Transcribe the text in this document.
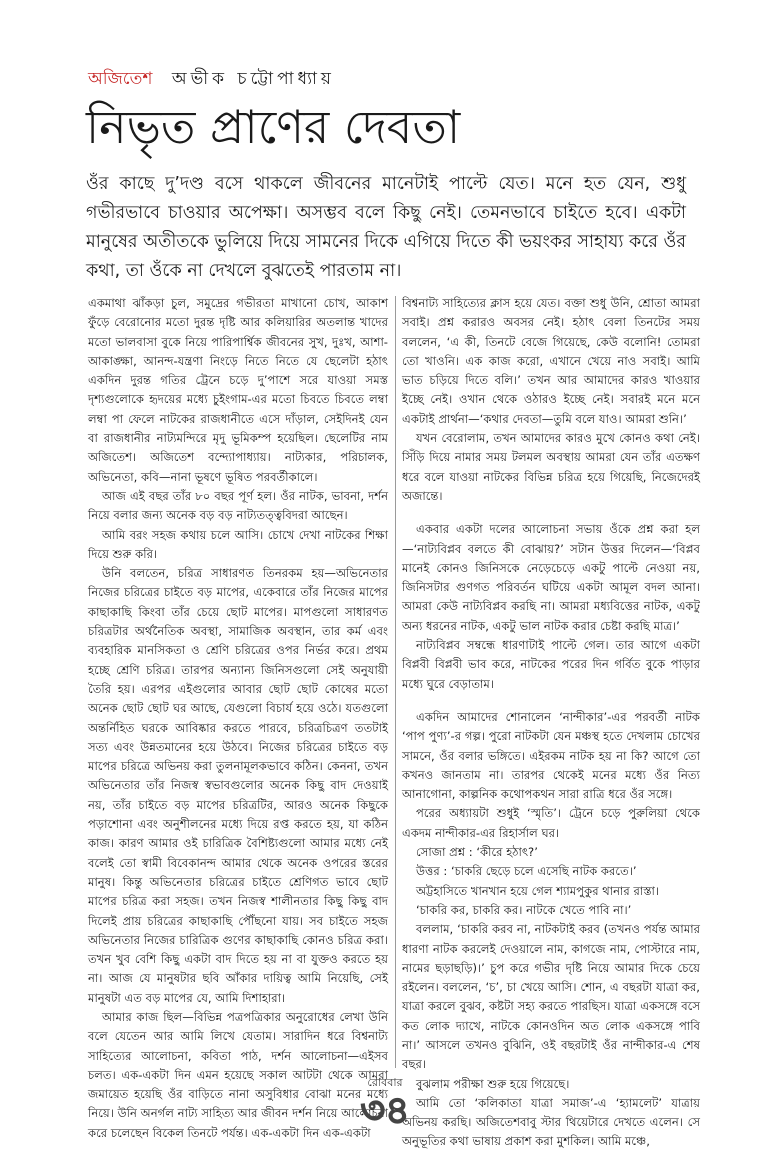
অজিতেশ অভীক চট্টোপাধ্যায়
নিভৃত প্রাণের দেবতা

ওঁর কাছে দু’দণ্ড বসে থাকলে জীবনের মানেটাই পাল্টে যেত। মনে হত যেন, শুধু গভীরভাবে চাওয়ার অপেক্ষা। অসম্ভব বলে কিছু নেই। তেমনভাবে চাইতে হবে। একটা মানুষের অতীতকে ভুলিয়ে দিয়ে সামনের দিকে এগিয়ে দিতে কী ভয়ংকর সাহায্য করে ওঁর কথা, তা ওঁকে না দেখলে বুঝতেই পারতাম না।

একমাথা ঝাঁকড়া চুল, সমুদ্রের গভীরতা মাখানো চোখ, আকাশ ফুঁড়ে বেরোনোর মতো দুরন্ত দৃষ্টি আর কলিয়ারির অতলান্ত খাদের মতো ভালবাসা বুকে নিয়ে পারিপার্শ্বিক জীবনের সুখ, দুঃখ, আশা-আকাঙ্ক্ষা, আনন্দ-যন্ত্রণা নিংড়ে নিতে নিতে যে ছেলেটা হঠাৎ একদিন দুরন্ত গতির ট্রেনে চড়ে দু’পাশে সরে যাওয়া সমস্ত দৃশ্যগুলোকে হৃদয়ের মধ্যে চুইংগাম-এর মতো চিবতে চিবতে লম্বা লম্বা পা ফেলে নাটকের রাজধানীতে এসে দাঁড়াল, সেইদিনই যেন বা রাজধানীর নাট্যমন্দিরে মৃদু ভূমিকম্প হয়েছিল। ছেলেটির নাম অজিতেশ। অজিতেশ বন্দ্যোপাধ্যায়। নাট্যকার, পরিচালক, অভিনেতা, কবি—নানা ভূষণে ভূষিত পরবর্তীকালে।

আজ এই বছর তাঁর ৮০ বছর পূর্ণ হল। ওঁর নাটক, ভাবনা, দর্শন নিয়ে বলার জন্য অনেক বড় বড় নাট্যতত্ত্ববিদরা আছেন।

আমি বরং সহজ কথায় চলে আসি। চোখে দেখা নাটকের শিক্ষা দিয়ে শুরু করি।

উনি বলতেন, চরিত্র সাধারণত তিনরকম হয়—অভিনেতার নিজের চরিত্রের চাইতে বড় মাপের, একেবারে তাঁর নিজের মাপের কাছাকাছি কিংবা তাঁর চেয়ে ছোট মাপের। মাপগুলো সাধারণত চরিত্রটার অর্থনৈতিক অবস্থা, সামাজিক অবস্থান, তার কর্ম এবং ব্যবহারিক মানসিকতা ও শ্রেণি চরিত্রের ওপর নির্ভর করে। প্রথম হচ্ছে শ্রেণি চরিত্র। তারপর অন্যান্য জিনিসগুলো সেই অনুযায়ী তৈরি হয়। এরপর এইগুলোর আবার ছোট ছোট কোষের মতো অনেক ছোট ছোট ঘর আছে, যেগুলো বিচার্য হয়ে ওঠে। যতগুলো অন্তর্নিহিত ঘরকে আবিষ্কার করতে পারবে, চরিত্রচিত্রণ ততটাই সত্য এবং উন্নতমানের হয়ে উঠবে। নিজের চরিত্রের চাইতে বড় মাপের চরিত্রে অভিনয় করা তুলনামূলকভাবে কঠিন। কেননা, তখন অভিনেতার তাঁর নিজস্ব স্বভাবগুলোর অনেক কিছু বাদ দেওয়াই নয়, তাঁর চাইতে বড় মাপের চরিত্রটির, আরও অনেক কিছুকে পড়াশোনা এবং অনুশীলনের মধ্যে দিয়ে রপ্ত করতে হয়, যা কঠিন কাজ। কারণ আমার ওই চারিত্রিক বৈশিষ্ট্যগুলো আমার মধ্যে নেই বলেই তো স্বামী বিবেকানন্দ আমার থেকে অনেক ওপরের স্তরের মানুষ। কিন্তু অভিনেতার চরিত্রের চাইতে শ্রেণিগত ভাবে ছোট মাপের চরিত্র করা সহজ। তখন নিজস্ব শালীনতার কিছু কিছু বাদ দিলেই প্রায় চরিত্রের কাছাকাছি পৌঁছনো যায়। সব চাইতে সহজ অভিনেতার নিজের চারিত্রিক গুণের কাছাকাছি কোনও চরিত্র করা। তখন খুব বেশি কিছু একটা বাদ দিতে হয় না বা যুক্তও করতে হয় না। আজ যে মানুষটার ছবি আঁকার দায়িত্ব আমি নিয়েছি, সেই মানুষটা এত বড় মাপের যে, আমি দিশাহারা।

আমার কাজ ছিল—বিভিন্ন পত্রপত্রিকার অনুরোধের লেখা উনি বলে যেতেন আর আমি লিখে যেতাম। সারাদিন ধরে বিশ্বনাট্য সাহিত্যের আলোচনা, কবিতা পাঠ, দর্শন আলোচনা—এইসব চলত। এক-একটা দিন এমন হয়েছে সকাল আটটা থেকে আমরা জমায়েত হয়েছি ওঁর বাড়িতে নানা অসুবিধার বোঝা মনের মধ্যে নিয়ে। উনি অনর্গল নাট্য সাহিত্য আর জীবন দর্শন নিয়ে আলোচনা করে চলেছেন বিকেল তিনটে পর্যন্ত। এক-একটা দিন এক-একটা

বিশ্বনাট্য সাহিত্যের ক্লাস হয়ে যেত। বক্তা শুধু উনি, শ্রোতা আমরা সবাই। প্রশ্ন করারও অবসর নেই। হঠাৎ বেলা তিনটের সময় বললেন, ‘এ কী, তিনটে বেজে গিয়েছে, কেউ বলোনি! তোমরা তো খাওনি। এক কাজ করো, এখানে খেয়ে নাও সবাই। আমি ভাত চড়িয়ে দিতে বলি।’ তখন আর আমাদের কারও খাওয়ার ইচ্ছে নেই। ওখান থেকে ওঠারও ইচ্ছে নেই। সবারই মনে মনে একটাই প্রার্থনা—‘কথার দেবতা—তুমি বলে যাও। আমরা শুনি।’

যখন বেরোলাম, তখন আমাদের কারও মুখে কোনও কথা নেই। সিঁড়ি দিয়ে নামার সময় টলমল অবস্থায় আমরা যেন তাঁর এতক্ষণ ধরে বলে যাওয়া নাটকের বিভিন্ন চরিত্র হয়ে গিয়েছি, নিজেদেরই অজান্তে।

একবার একটা দলের আলোচনা সভায় ওঁকে প্রশ্ন করা হল—‘নাট্যবিপ্লব বলতে কী বোঝায়?’ সটান উত্তর দিলেন—‘বিপ্লব মানেই কোনও জিনিসকে নেড়েচেড়ে একটু পাল্টে নেওয়া নয়, জিনিসটার গুণগত পরিবর্তন ঘটিয়ে একটা আমূল বদল আনা। আমরা কেউ নাট্যবিপ্লব করছি না। আমরা মধ্যবিত্তের নাটক, একটু অন্য ধরনের নাটক, একটু ভাল নাটক করার চেষ্টা করছি মাত্র।’

নাট্যবিপ্লব সম্বন্ধে ধারণাটাই পাল্টে গেল। তার আগে একটা বিপ্লবী বিপ্লবী ভাব করে, নাটকের পরের দিন গর্বিত বুকে পাড়ার মধ্যে ঘুরে বেড়াতাম।

একদিন আমাদের শোনালেন ‘নান্দীকার’-এর পরবর্তী নাটক ‘পাপ পুণ্য’-র গল্প। পুরো নাটকটা যেন মঞ্চস্থ হতে দেখলাম চোখের সামনে, ওঁর বলার ভঙ্গিতে। এইরকম নাটক হয় না কি? আগে তো কখনও জানতাম না। তারপর থেকেই মনের মধ্যে ওঁর নিত্য আনাগোনা, কাল্পনিক কথোপকথন সারা রাত্রি ধরে ওঁর সঙ্গে।

পরের অধ্যায়টা শুধুই ‘স্মৃতি’। ট্রেনে চড়ে পুরুলিয়া থেকে একদম নান্দীকার-এর রিহার্সাল ঘর।

সোজা প্রশ্ন : ‘কীরে হঠাৎ?’

উত্তর : ‘চাকরি ছেড়ে চলে এসেছি নাটক করতে।’

অট্টহাসিতে খানখান হয়ে গেল শ্যামপুকুর থানার রাস্তা।

‘চাকরি কর, চাকরি কর। নাটকে খেতে পাবি না।’

বললাম, ‘চাকরি করব না, নাটকটাই করব (তখনও পর্যন্ত আমার ধারণা নাটক করলেই দেওয়ালে নাম, কাগজে নাম, পোস্টারে নাম, নামের ছড়াছড়ি)।’ চুপ করে গভীর দৃষ্টি নিয়ে আমার দিকে চেয়ে রইলেন। বললেন, ‘চ’, চা খেয়ে আসি। শোন, এ বছরটা যাত্রা কর, যাত্রা করলে বুঝব, কষ্টটা সহ্য করতে পারছিস। যাত্রা একসঙ্গে বসে কত লোক দ্যাখে, নাটকে কোনওদিন অত লোক একসঙ্গে পাবি না।’ আসলে তখনও বুঝিনি, ওই বছরটাই ওঁর নান্দীকার-এ শেষ বছর।

বুঝলাম পরীক্ষা শুরু হয়ে গিয়েছে।

আমি তো ‘কলিকাতা যাত্রা সমাজ’-এ ‘হ্যামলেট’ যাত্রায় অভিনয় করছি। অজিতেশবাবু স্টার থিয়েটারে দেখতে এলেন। সে অনুভূতির কথা ভাষায় প্রকাশ করা মুশকিল। আমি মঞ্চে,

রোববার
৩৪
